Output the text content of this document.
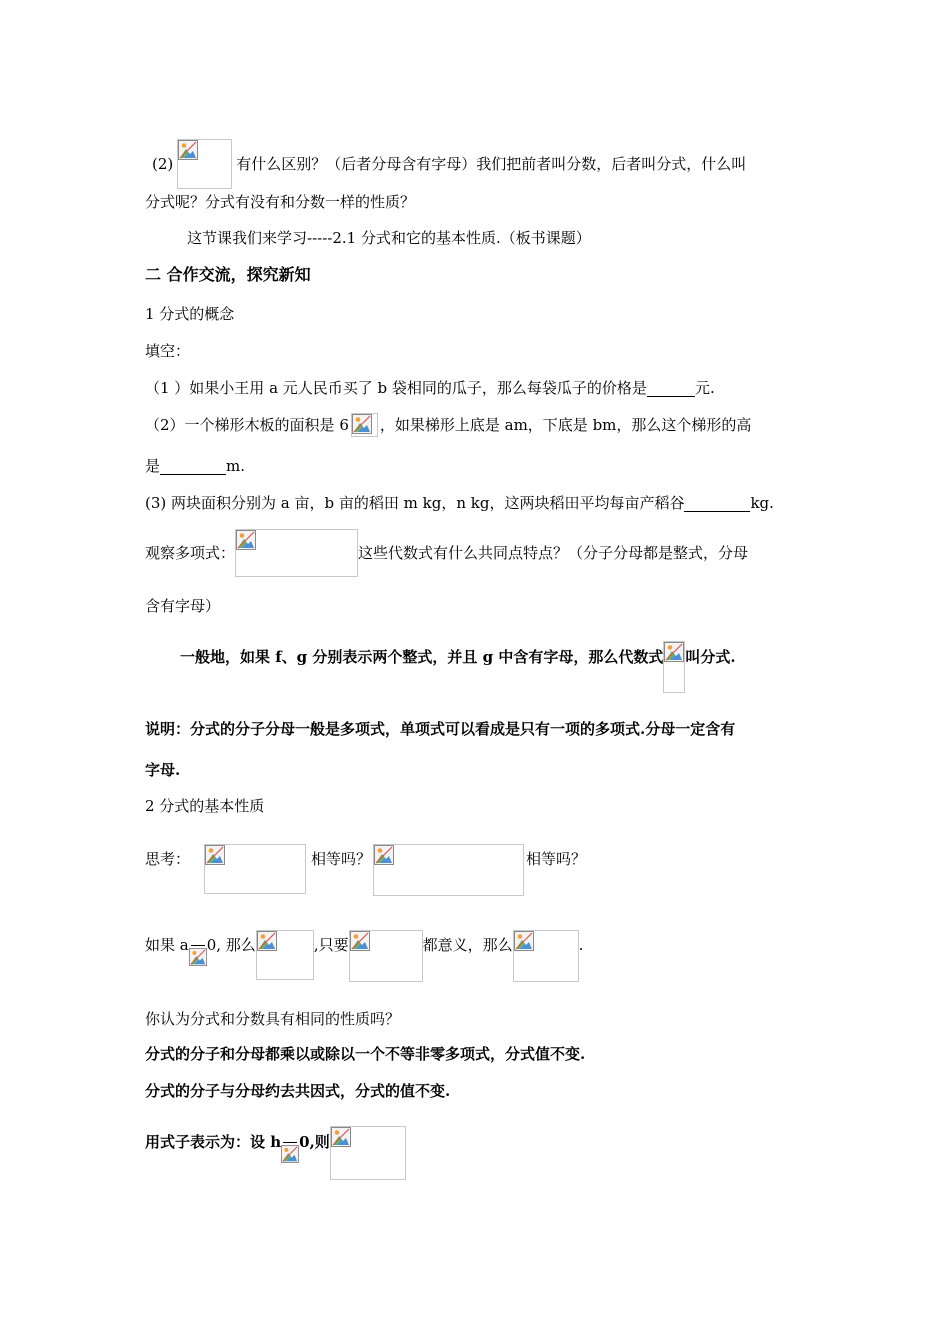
(2)	有什么区别？（后者分母含有字母）我们把前者叫分数，后者叫分式，什么叫
分式呢？分式有没有和分数一样的性质？
这节课我们来学习-----2.1 分式和它的基本性质.（板书课题）
二 合作交流，探究新知
1 分式的概念
填空：
（1 ）如果小王用 a 元人民币买了 b 袋相同的瓜子，那么每袋瓜子的价格是	元.
（2）一个梯形木板的面积是 6 ，如果梯形上底是 am，下底是 bm，那么这个梯形的高
是	m.
(3) 两块面积分别为 a 亩，b 亩的稻田 m kg，n kg，这两块稻田平均每亩产稻谷	kg.
观察多项式：	这些代数式有什么共同点特点？（分子分母都是整式，分母
含有字母）
一般地，如果 f、g 分别表示两个整式，并且 g 中含有字母，那么代数式 叫分式.
说明：分式的分子分母一般是多项式，单项式可以看成是只有一项的多项式.分母一定含有
字母.
2 分式的基本性质
思考：	相等吗？	相等吗？
如果 a 0, 那么	,只要	都意义，那么	.
你认为分式和分数具有相同的性质吗？
分式的分子和分母都乘以或除以一个不等非零多项式，分式值不变.
分式的分子与分母约去共因式，分式的值不变.
用式子表示为：设 h 0,则
